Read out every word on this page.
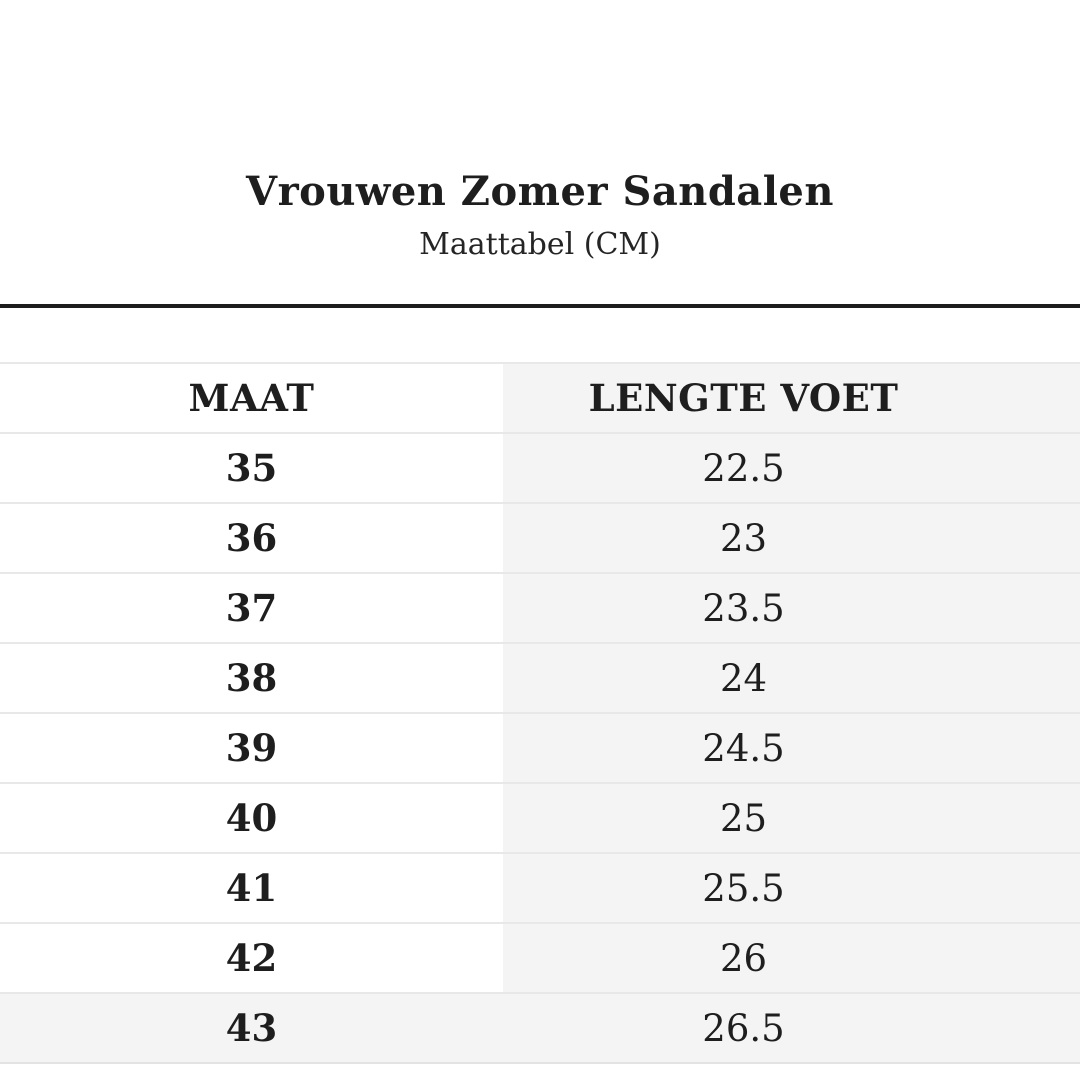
Vrouwen Zomer Sandalen
Maattabel (CM)
MAAT	LENGTE VOET
35	22.5
36	23
37	23.5
38	24
39	24.5
40	25
41	25.5
42	26
43	26.5
